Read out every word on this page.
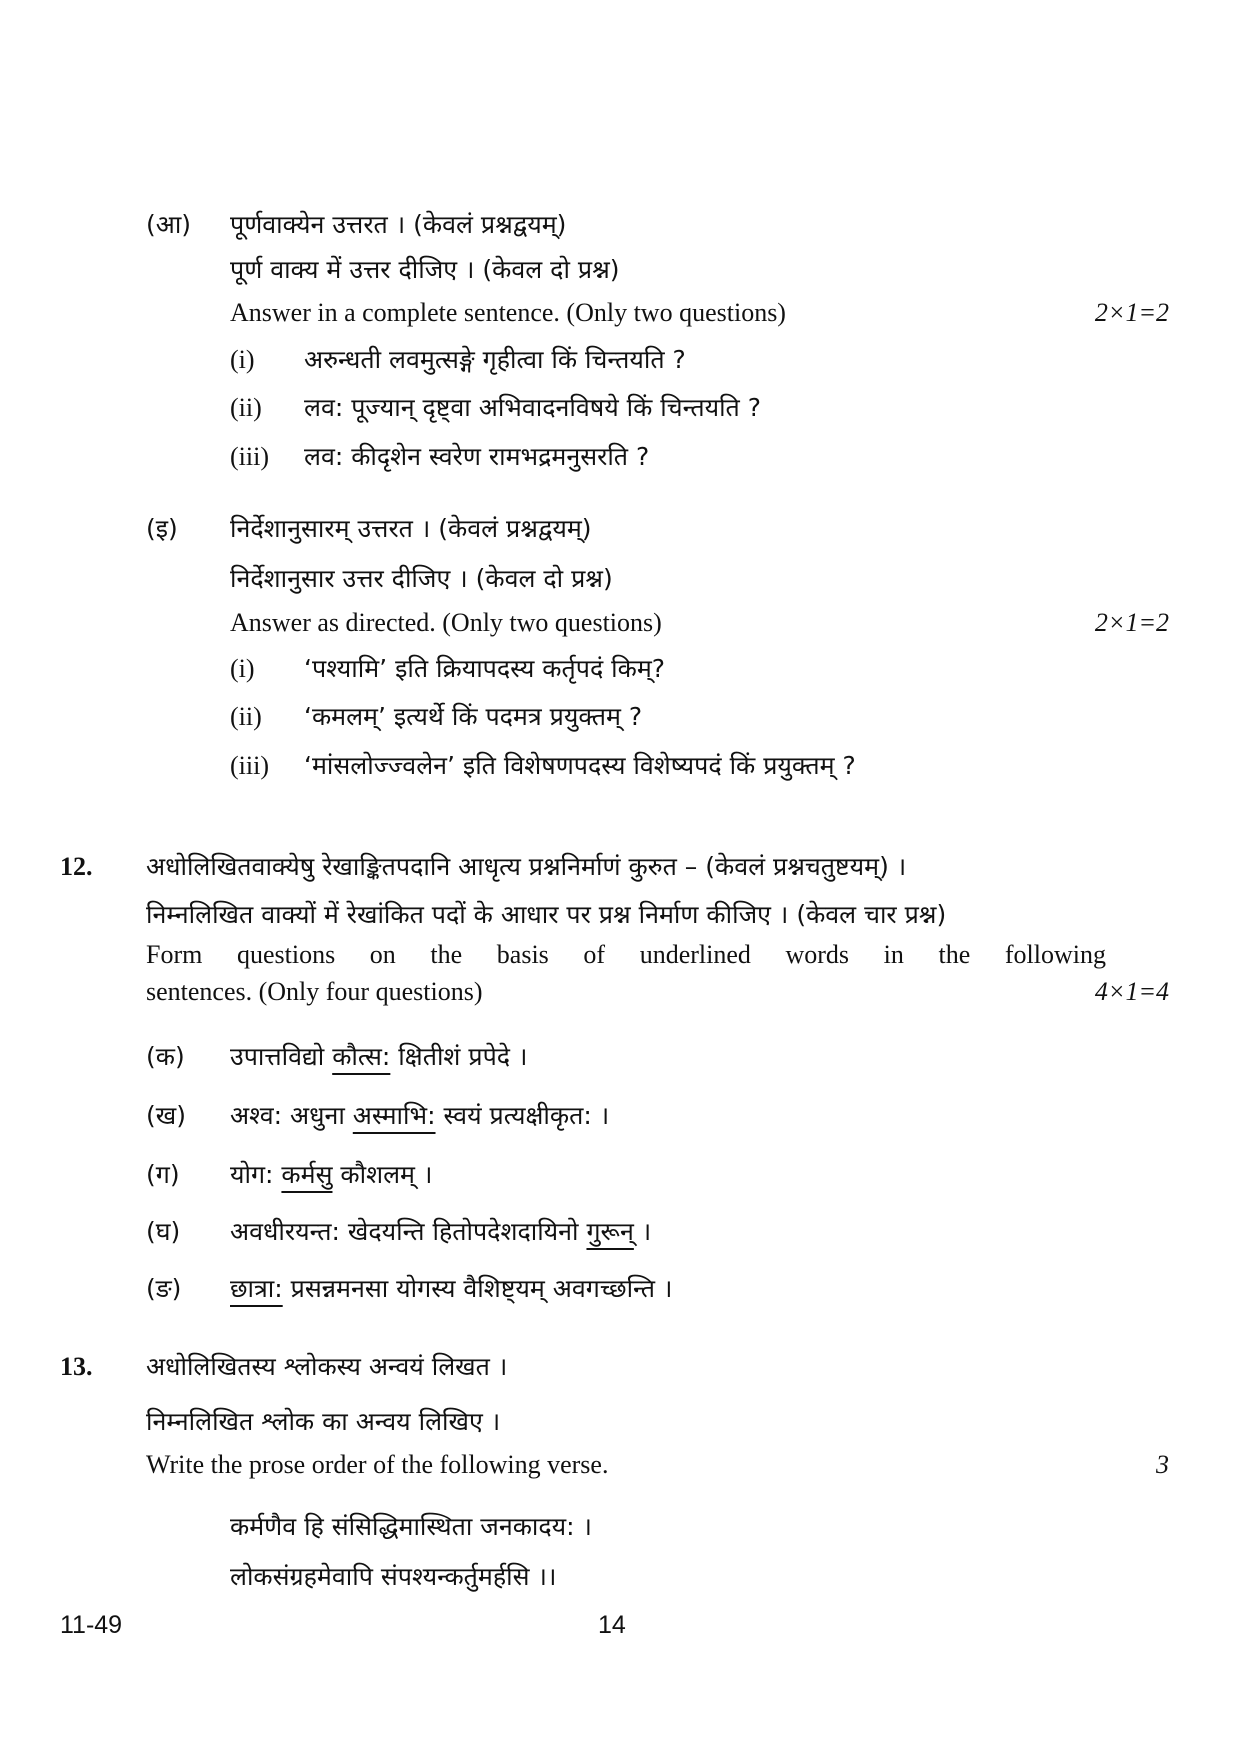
(आ) पूर्णवाक्येन उत्तरत । (केवलं प्रश्नद्वयम्)
पूर्ण वाक्य में उत्तर दीजिए । (केवल दो प्रश्न)
Answer in a complete sentence. (Only two questions)	2×1=2
(i) अरुन्धती लवमुत्सङ्गे गृहीत्वा किं चिन्तयति ?
(ii) लव: पूज्यान् दृष्ट्वा अभिवादनविषये किं चिन्तयति ?
(iii) लव: कीदृशेन स्वरेण रामभद्रमनुसरति ?
(इ) निर्देशानुसारम् उत्तरत । (केवलं प्रश्नद्वयम्)
निर्देशानुसार उत्तर दीजिए । (केवल दो प्रश्न)
Answer as directed. (Only two questions)	2×1=2
(i) ‘पश्यामि’ इति क्रियापदस्य कर्तृपदं किम्?
(ii) ‘कमलम्’ इत्यर्थे किं पदमत्र प्रयुक्तम् ?
(iii) ‘मांसलोज्ज्वलेन’ इति विशेषणपदस्य विशेष्यपदं किं प्रयुक्तम् ?
12. अधोलिखितवाक्येषु रेखाङ्कितपदानि आधृत्य प्रश्ननिर्माणं कुरुत – (केवलं प्रश्नचतुष्टयम्) ।
निम्नलिखित वाक्यों में रेखांकित पदों के आधार पर प्रश्न निर्माण कीजिए । (केवल चार प्रश्न)
Form questions on the basis of underlined words in the following
sentences. (Only four questions)	4×1=4
(क) उपात्तविद्यो कौत्स: क्षितीशं प्रपेदे ।
(ख) अश्व: अधुना अस्माभि: स्वयं प्रत्यक्षीकृत: ।
(ग) योग: कर्मसु कौशलम् ।
(घ) अवधीरयन्त: खेदयन्ति हितोपदेशदायिनो गुरून् ।
(ङ) छात्रा: प्रसन्नमनसा योगस्य वैशिष्ट्यम् अवगच्छन्ति ।
13. अधोलिखितस्य श्लोकस्य अन्वयं लिखत ।
निम्नलिखित श्लोक का अन्वय लिखिए ।
Write the prose order of the following verse.	3
कर्मणैव हि संसिद्धिमास्थिता जनकादय: ।
लोकसंग्रहमेवापि संपश्यन्कर्तुमर्हसि ।।
11-49	14
